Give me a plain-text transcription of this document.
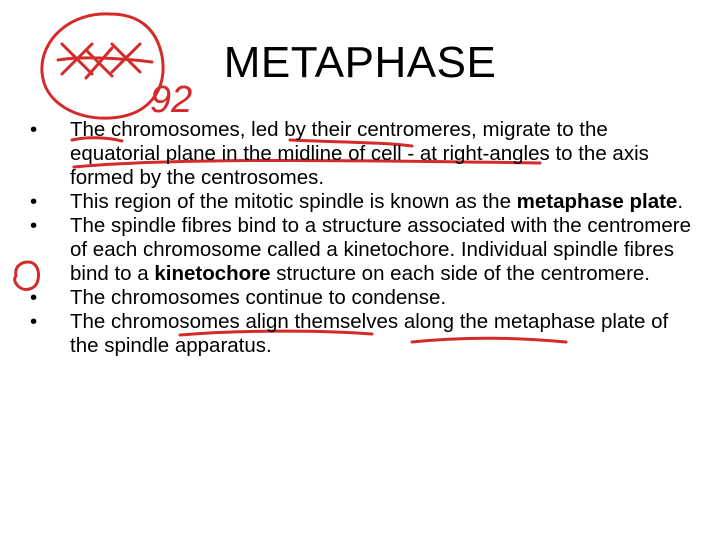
92
METAPHASE
•	The chromosomes, led by their centromeres, migrate to the equatorial plane in the midline of cell - at right-angles to the axis formed by the centrosomes.
•	This region of the mitotic spindle is known as the metaphase plate.
•	The spindle fibres bind to a structure associated with the centromere of each chromosome called a kinetochore. Individual spindle fibres bind to a kinetochore structure on each side of the centromere.
•	The chromosomes continue to condense.
•	The chromosomes align themselves along the metaphase plate of the spindle apparatus.
